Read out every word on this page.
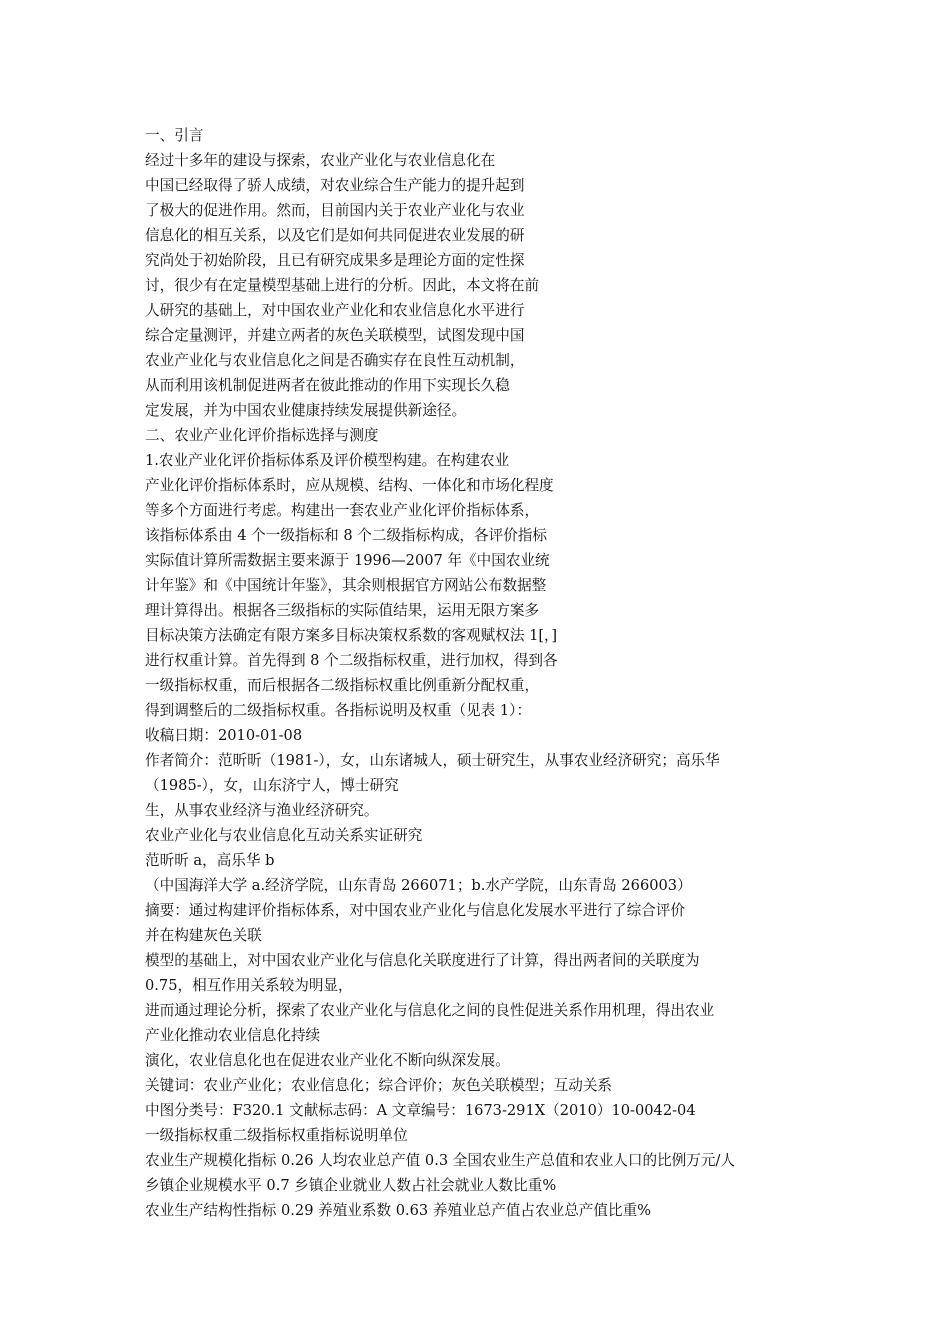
一、引言
经过十多年的建设与探索，农业产业化与农业信息化在
中国已经取得了骄人成绩，对农业综合生产能力的提升起到
了极大的促进作用。然而，目前国内关于农业产业化与农业
信息化的相互关系，以及它们是如何共同促进农业发展的研
究尚处于初始阶段，且已有研究成果多是理论方面的定性探
讨，很少有在定量模型基础上进行的分析。因此，本文将在前
人研究的基础上，对中国农业产业化和农业信息化水平进行
综合定量测评，并建立两者的灰色关联模型，试图发现中国
农业产业化与农业信息化之间是否确实存在良性互动机制，
从而利用该机制促进两者在彼此推动的作用下实现长久稳
定发展，并为中国农业健康持续发展提供新途径。
二、农业产业化评价指标选择与测度
1.农业产业化评价指标体系及评价模型构建。在构建农业
产业化评价指标体系时，应从规模、结构、一体化和市场化程度
等多个方面进行考虑。构建出一套农业产业化评价指标体系，
该指标体系由 4 个一级指标和 8 个二级指标构成，各评价指标
实际值计算所需数据主要来源于 1996—2007 年《中国农业统
计年鉴》和《中国统计年鉴》，其余则根据官方网站公布数据整
理计算得出。根据各三级指标的实际值结果，运用无限方案多
目标决策方法确定有限方案多目标决策权系数的客观赋权法 1[，]
进行权重计算。首先得到 8 个二级指标权重，进行加权，得到各
一级指标权重，而后根据各二级指标权重比例重新分配权重，
得到调整后的二级指标权重。各指标说明及权重（见表 1）：
收稿日期：2010-01-08
作者简介：范昕昕（1981-），女，山东诸城人，硕士研究生，从事农业经济研究；高乐华
（1985-），女，山东济宁人，博士研究
生，从事农业经济与渔业经济研究。
农业产业化与农业信息化互动关系实证研究
范昕昕 a，高乐华 b
（中国海洋大学 a.经济学院，山东青岛 266071；b.水产学院，山东青岛 266003）
摘要：通过构建评价指标体系，对中国农业产业化与信息化发展水平进行了综合评价
并在构建灰色关联
模型的基础上，对中国农业产业化与信息化关联度进行了计算，得出两者间的关联度为
0.75，相互作用关系较为明显，
进而通过理论分析，探索了农业产业化与信息化之间的良性促进关系作用机理，得出农业
产业化推动农业信息化持续
演化，农业信息化也在促进农业产业化不断向纵深发展。
关键词：农业产业化；农业信息化；综合评价；灰色关联模型；互动关系
中图分类号：F320.1 文献标志码：A 文章编号：1673-291X（2010）10-0042-04
一级指标权重二级指标权重指标说明单位
农业生产规模化指标 0.26 人均农业总产值 0.3 全国农业生产总值和农业人口的比例万元/人
乡镇企业规模水平 0.7 乡镇企业就业人数占社会就业人数比重%
农业生产结构性指标 0.29 养殖业系数 0.63 养殖业总产值占农业总产值比重%
